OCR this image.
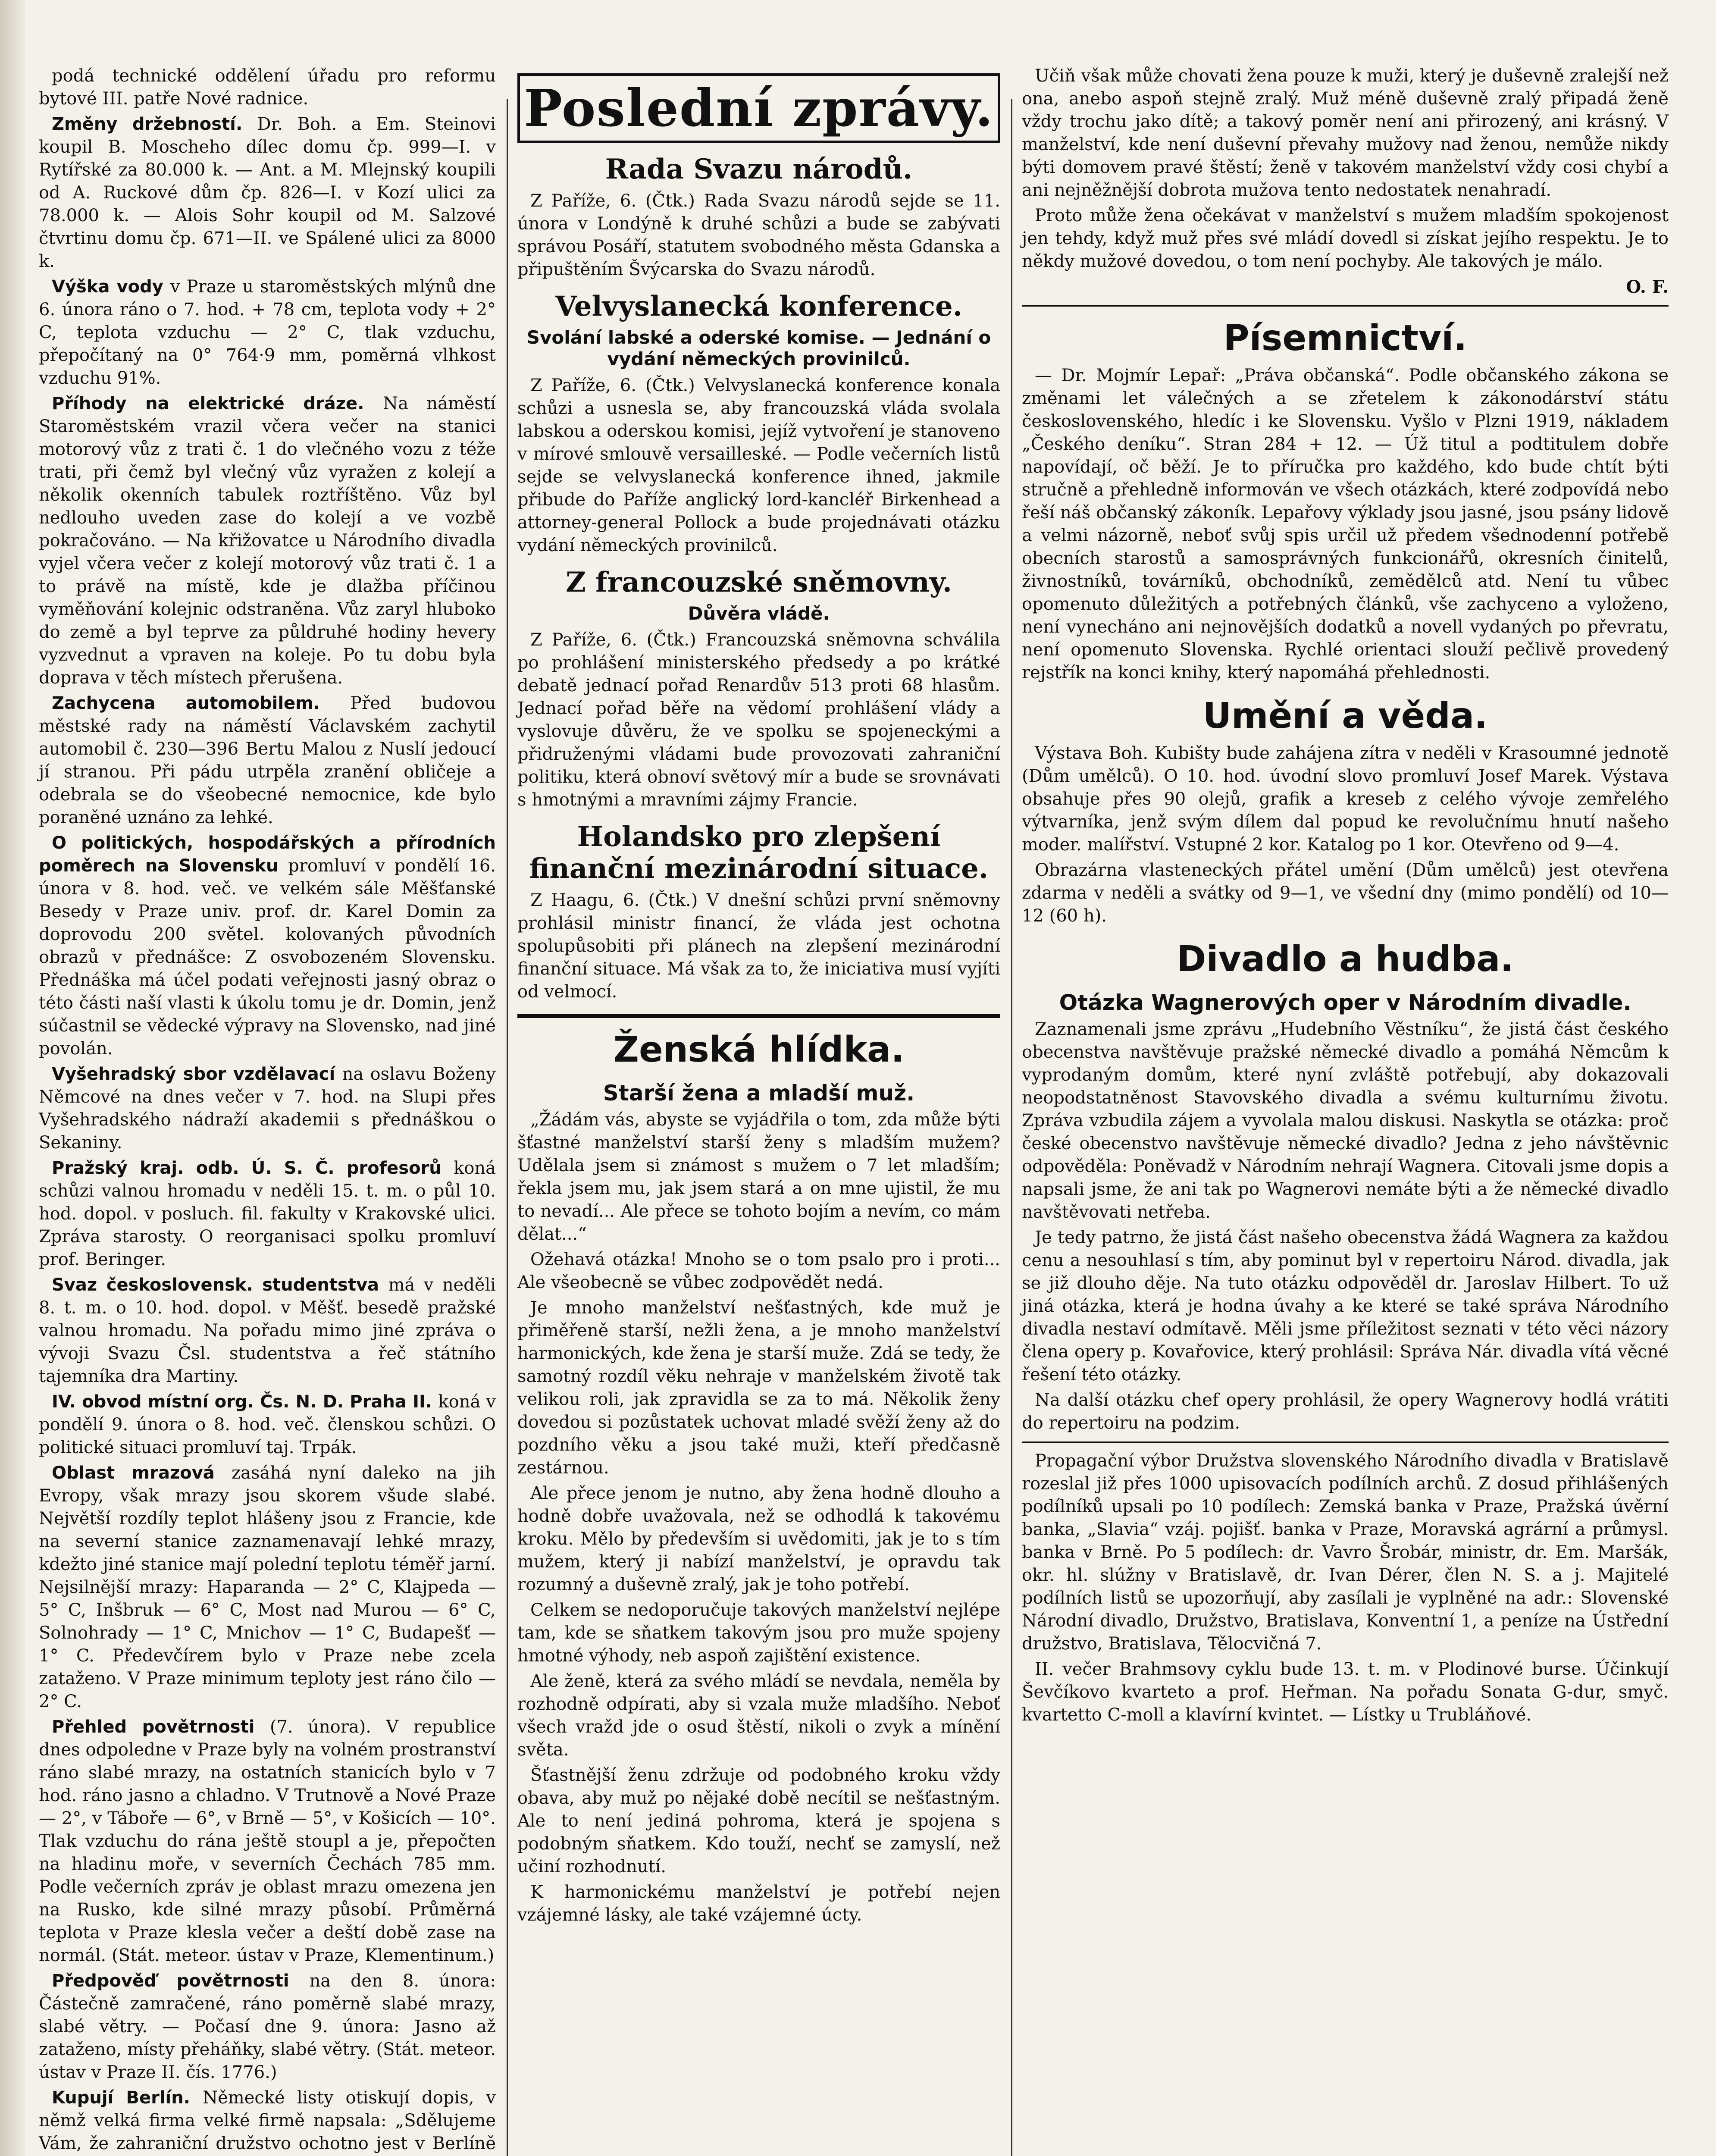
podá technické oddělení úřadu pro reformu bytové III. patře Nové radnice.

Změny držebností. Dr. Boh. a Em. Steinovi koupil B. Moscheho dílec domu čp. 999—I. v Rytířské za 80.000 k. — Ant. a M. Mlejnský koupili od A. Ruckové dům čp. 826—I. v Kozí ulici za 78.000 k. — Alois Sohr koupil od M. Salzové čtvrtinu domu čp. 671—II. ve Spálené ulici za 8000 k.

Výška vody v Praze u staroměstských mlýnů dne 6. února ráno o 7. hod. + 78 cm, teplota vody + 2° C, teplota vzduchu — 2° C, tlak vzduchu, přepočítaný na 0° 764·9 mm, poměrná vlhkost vzduchu 91%.

Příhody na elektrické dráze. Na náměstí Staroměstském vrazil včera večer na stanici motorový vůz z trati č. 1 do vlečného vozu z téže trati, při čemž byl vlečný vůz vyražen z kolejí a několik okenních tabulek roztříštěno. Vůz byl nedlouho uveden zase do kolejí a ve vozbě pokračováno. — Na křižovatce u Národního divadla vyjel včera večer z kolejí motorový vůz trati č. 1 a to právě na místě, kde je dlažba příčinou vyměňování kolejnic odstraněna. Vůz zaryl hluboko do země a byl teprve za půldruhé hodiny hevery vyzvednut a vpraven na koleje. Po tu dobu byla doprava v těch místech přerušena.

Zachycena automobilem. Před budovou městské rady na náměstí Václavském zachytil automobil č. 230—396 Bertu Malou z Nuslí jedoucí jí stranou. Při pádu utrpěla zranění obličeje a odebrala se do všeobecné nemocnice, kde bylo poraněné uznáno za lehké.

O politických, hospodářských a přírodních poměrech na Slovensku promluví v pondělí 16. února v 8. hod. več. ve velkém sále Měšťanské Besedy v Praze univ. prof. dr. Karel Domin za doprovodu 200 světel. kolovaných původních obrazů v přednášce: Z osvobozeném Slovensku. Přednáška má účel podati veřejnosti jasný obraz o této části naší vlasti k úkolu tomu je dr. Domin, jenž súčastnil se vědecké výpravy na Slovensko, nad jiné povolán.

Vyšehradský sbor vzdělavací na oslavu Boženy Němcové na dnes večer v 7. hod. na Slupi přes Vyšehradského nádraží akademii s přednáškou o Sekaniny.

Pražský kraj. odb. Ú. S. Č. profesorů koná schůzi valnou hromadu v neděli 15. t. m. o půl 10. hod. dopol. v posluch. fil. fakulty v Krakovské ulici. Zpráva starosty. O reorganisaci spolku promluví prof. Beringer.

Svaz československ. studentstva má v neděli 8. t. m. o 10. hod. dopol. v Měšť. besedě pražské valnou hromadu. Na pořadu mimo jiné zpráva o vývoji Svazu Čsl. studentstva a řeč státního tajemníka dra Martiny.

IV. obvod místní org. Čs. N. D. Praha II. koná v pondělí 9. února o 8. hod. več. členskou schůzi. O politické situaci promluví taj. Trpák.

Oblast mrazová zasáhá nyní daleko na jih Evropy, však mrazy jsou skorem všude slabé. Největší rozdíly teplot hlášeny jsou z Francie, kde na severní stanice zaznamenavají lehké mrazy, kdežto jiné stanice mají polední teplotu téměř jarní. Nejsilnější mrazy: Haparanda — 2° C, Klajpeda — 5° C, Inšbruk — 6° C, Most nad Murou — 6° C, Solnohrady — 1° C, Mnichov — 1° C, Budapešť — 1° C. Předevčírem bylo v Praze nebe zcela zataženo. V Praze minimum teploty jest ráno čilo — 2° C.

Přehled povětrnosti (7. února). V republice dnes odpoledne v Praze byly na volném prostranství ráno slabé mrazy, na ostatních stanicích bylo v 7 hod. ráno jasno a chladno. V Trutnově a Nové Praze — 2°, v Táboře — 6°, v Brně — 5°, v Košicích — 10°. Tlak vzduchu do rána ještě stoupl a je, přepočten na hladinu moře, v severních Čechách 785 mm. Podle večerních zpráv je oblast mrazu omezena jen na Rusko, kde silné mrazy působí. Průměrná teplota v Praze klesla večer a deští době zase na normál. (Stát. meteor. ústav v Praze, Klementinum.)

Předpověď povětrnosti na den 8. února: Částečně zamračené, ráno poměrně slabé mrazy, slabé větry. — Počasí dne 9. února: Jasno až zataženo, místy přeháňky, slabé větry. (Stát. meteor. ústav v Praze II. čís. 1776.)

Kupují Berlín. Německé listy otiskují dopis, v němž velká firma velké firmě napsala: „Sdělujeme Vám, že zahraniční družstvo ochotno jest v Berlíně

Poslední zprávy.
Rada Svazu národů.

Z Paříže, 6. (Čtk.) Rada Svazu národů sejde se 11. února v Londýně k druhé schůzi a bude se zabývati správou Posáří, statutem svobodného města Gdanska a připuštěním Švýcarska do Svazu národů.

Velvyslanecká konference.
Svolání labské a oderské komise. — Jednání o vydání německých provinilců.

Z Paříže, 6. (Čtk.) Velvyslanecká konference konala schůzi a usnesla se, aby francouzská vláda svolala labskou a oderskou komisi, jejíž vytvoření je stanoveno v mírové smlouvě versailleské. — Podle večerních listů sejde se velvyslanecká konference ihned, jakmile přibude do Paříže anglický lord-kancléř Birkenhead a attorney-general Pollock a bude projednávati otázku vydání německých provinilců.

Z francouzské sněmovny.
Důvěra vládě.

Z Paříže, 6. (Čtk.) Francouzská sněmovna schválila po prohlášení ministerského předsedy a po krátké debatě jednací pořad Renardův 513 proti 68 hlasům. Jednací pořad běře na vědomí prohlášení vlády a vyslovuje důvěru, že ve spolku se spojeneckými a přidruženými vládami bude provozovati zahraniční politiku, která obnoví světový mír a bude se srovnávati s hmotnými a mravními zájmy Francie.

Holandsko pro zlepšení finanční mezinárodní situace.

Z Haagu, 6. (Čtk.) V dnešní schůzi první sněmovny prohlásil ministr financí, že vláda jest ochotna spolupůsobiti při plánech na zlepšení mezinárodní finanční situace. Má však za to, že iniciativa musí vyjíti od velmocí.

Ženská hlídka.
Starší žena a mladší muž.

„Žádám vás, abyste se vyjádřila o tom, zda může býti šťastné manželství starší ženy s mladším mužem? Udělala jsem si známost s mužem o 7 let mladším; řekla jsem mu, jak jsem stará a on mne ujistil, že mu to nevadí... Ale přece se tohoto bojím a nevím, co mám dělat...“

Ožehavá otázka! Mnoho se o tom psalo pro i proti... Ale všeobecně se vůbec zodpovědět nedá.

Je mnoho manželství nešťastných, kde muž je přiměřeně starší, nežli žena, a je mnoho manželství harmonických, kde žena je starší muže. Zdá se tedy, že samotný rozdíl věku nehraje v manželském životě tak velikou roli, jak zpravidla se za to má. Několik ženy dovedou si pozůstatek uchovat mladé svěží ženy až do pozdního věku a jsou také muži, kteří předčasně zestárnou.

Ale přece jenom je nutno, aby žena hodně dlouho a hodně dobře uvažovala, než se odhodlá k takovému kroku. Mělo by především si uvědomiti, jak je to s tím mužem, který ji nabízí manželství, je opravdu tak rozumný a duševně zralý, jak je toho potřebí.

Celkem se nedoporučuje takových manželství nejlépe tam, kde se sňatkem takovým jsou pro muže spojeny hmotné výhody, neb aspoň zajištění existence.

Ale ženě, která za svého mládí se nevdala, neměla by rozhodně odpírati, aby si vzala muže mladšího. Neboť všech vražd jde o osud štěstí, nikoli o zvyk a mínění světa.

Šťastnější ženu zdržuje od podobného kroku vždy obava, aby muž po nějaké době necítil se nešťastným. Ale to není jediná pohroma, která je spojena s podobným sňatkem. Kdo touží, nechť se zamyslí, než učiní rozhodnutí.

K harmonickému manželství je potřebí nejen vzájemné lásky, ale také vzájemné úcty.

Učiň však může chovati žena pouze k muži, který je duševně zralejší než ona, anebo aspoň stejně zralý. Muž méně duševně zralý připadá ženě vždy trochu jako dítě; a takový poměr není ani přirozený, ani krásný. V manželství, kde není duševní převahy mužovy nad ženou, nemůže nikdy býti domovem pravé štěstí; ženě v takovém manželství vždy cosi chybí a ani nejněžnější dobrota mužova tento nedostatek nenahradí.

Proto může žena očekávat v manželství s mužem mladším spokojenost jen tehdy, když muž přes své mládí dovedl si získat jejího respektu. Je to někdy mužové dovedou, o tom není pochyby. Ale takových je málo.

O. F.
Písemnictví.

— Dr. Mojmír Lepař: „Práva občanská“. Podle občanského zákona se změnami let válečných a se zřetelem k zákonodárství státu československého, hledíc i ke Slovensku. Vyšlo v Plzni 1919, nákladem „Českého deníku“. Stran 284 + 12. — Úž titul a podtitulem dobře napovídají, oč běží. Je to příručka pro každého, kdo bude chtít býti stručně a přehledně informován ve všech otázkách, které zodpovídá nebo řeší náš občanský zákoník. Lepařovy výklady jsou jasné, jsou psány lidově a velmi názorně, neboť svůj spis určil už předem všednodenní potřebě obecních starostů a samosprávných funkcionářů, okresních činitelů, živnostníků, továrníků, obchodníků, zemědělců atd. Není tu vůbec opomenuto důležitých a potřebných článků, vše zachyceno a vyloženo, není vynecháno ani nejnovějších dodatků a novell vydaných po převratu, není opomenuto Slovenska. Rychlé orientaci slouží pečlivě provedený rejstřík na konci knihy, který napomáhá přehlednosti.

Umění a věda.

Výstava Boh. Kubišty bude zahájena zítra v neděli v Krasoumné jednotě (Dům umělců). O 10. hod. úvodní slovo promluví Josef Marek. Výstava obsahuje přes 90 olejů, grafik a kreseb z celého vývoje zemřelého výtvarníka, jenž svým dílem dal popud ke revolučnímu hnutí našeho moder. malířství. Vstupné 2 kor. Katalog po 1 kor. Otevřeno od 9—4.

Obrazárna vlasteneckých přátel umění (Dům umělců) jest otevřena zdarma v neděli a svátky od 9—1, ve všední dny (mimo pondělí) od 10—12 (60 h).

Divadlo a hudba.
Otázka Wagnerových oper v Národním divadle.

Zaznamenali jsme zprávu „Hudebního Věstníku“, že jistá část českého obecenstva navštěvuje pražské německé divadlo a pomáhá Němcům k vyprodaným domům, které nyní zvláště potřebují, aby dokazovali neopodstatněnost Stavovského divadla a svému kulturnímu životu. Zpráva vzbudila zájem a vyvolala malou diskusi. Naskytla se otázka: proč české obecenstvo navštěvuje německé divadlo? Jedna z jeho návštěvnic odpověděla: Poněvadž v Národním nehrají Wagnera. Citovali jsme dopis a napsali jsme, že ani tak po Wagnerovi nemáte býti a že německé divadlo navštěvovati netřeba.

Je tedy patrno, že jistá část našeho obecenstva žádá Wagnera za každou cenu a nesouhlasí s tím, aby pominut byl v repertoiru Národ. divadla, jak se již dlouho děje. Na tuto otázku odpověděl dr. Jaroslav Hilbert. To už jiná otázka, která je hodna úvahy a ke které se také správa Národního divadla nestaví odmítavě. Měli jsme příležitost seznati v této věci názory člena opery p. Kovařovice, který prohlásil: Správa Nár. divadla vítá věcné řešení této otázky.

Na další otázku chef opery prohlásil, že opery Wagnerovy hodlá vrátiti do repertoiru na podzim.

Propagační výbor Družstva slovenského Národního divadla v Bratislavě rozeslal již přes 1000 upisovacích podílních archů. Z dosud přihlášených podílníků upsali po 10 podílech: Zemská banka v Praze, Pražská úvěrní banka, „Slavia“ vzáj. pojišť. banka v Praze, Moravská agrární a průmysl. banka v Brně. Po 5 podílech: dr. Vavro Šrobár, ministr, dr. Em. Maršák, okr. hl. slúžny v Bratislavě, dr. Ivan Dérer, člen N. S. a j. Majitelé podílních listů se upozorňují, aby zasílali je vyplněné na adr.: Slovenské Národní divadlo, Družstvo, Bratislava, Konventní 1, a peníze na Ústřední družstvo, Bratislava, Tělocvičná 7.

II. večer Brahmsovy cyklu bude 13. t. m. v Plodinové burse. Účinkují Ševčíkovo kvarteto a prof. Heřman. Na pořadu Sonata G-dur, smyč. kvartetto C-moll a klavírní kvintet. — Lístky u Trubláňové.
